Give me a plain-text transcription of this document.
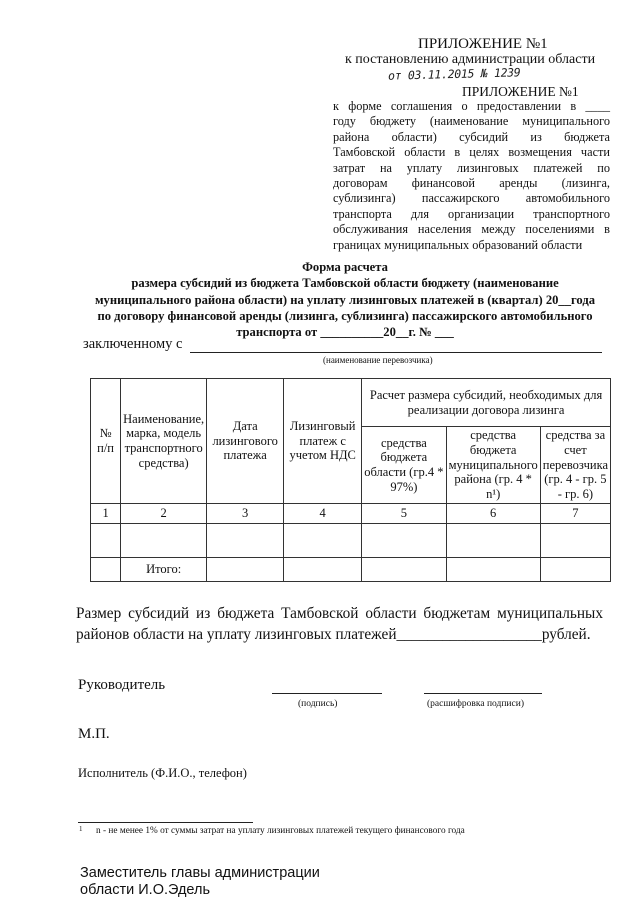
ПРИЛОЖЕНИЕ №1
к постановлению администрации области
от 03.11.2015 № 1239
ПРИЛОЖЕНИЕ №1
к форме соглашения о предоставлении в ____
году бюджету (наименование муниципального
района области) субсидий из бюджета
Тамбовской области в целях возмещения части
затрат на уплату лизинговых платежей по
договорам финансовой аренды (лизинга,
сублизинга) пассажирского автомобильного
транспорта для организации транспортного
обслуживания населения между поселениями в
границах муниципальных образований области
Форма расчета
размера субсидий из бюджета Тамбовской области бюджету (наименование
муниципального района области) на уплату лизинговых платежей в (квартал) 20__года
по договору финансовой аренды (лизинга, сублизинга) пассажирского автомобильного
транспорта от __________20__г. № ___
заключенному с
(наименование перевозчика)
№ п/п	Наименование, марка, модель транспортного средства)	Дата лизингового платежа	Лизинговый платеж с учетом НДС	Расчет размера субсидий, необходимых для реализации договора лизинга		
				средства бюджета области (гр.4 * 97%)	средства бюджета муниципального района (гр. 4 * n¹)	средства за счет перевозчика (гр. 4 - гр. 5 - гр. 6)
1	2	3	4	5	6	7

	Итого:					
Размер субсидий из бюджета Тамбовской области бюджетам муниципальных
районов области на уплату лизинговых платежей___________________рублей.
Руководитель
(подпись)	(расшифровка подписи)
М.П.
Исполнитель (Ф.И.О., телефон)
1 n - не менее 1% от суммы затрат на уплату лизинговых платежей текущего финансового года
Заместитель главы администрации
области И.О.Эдель
